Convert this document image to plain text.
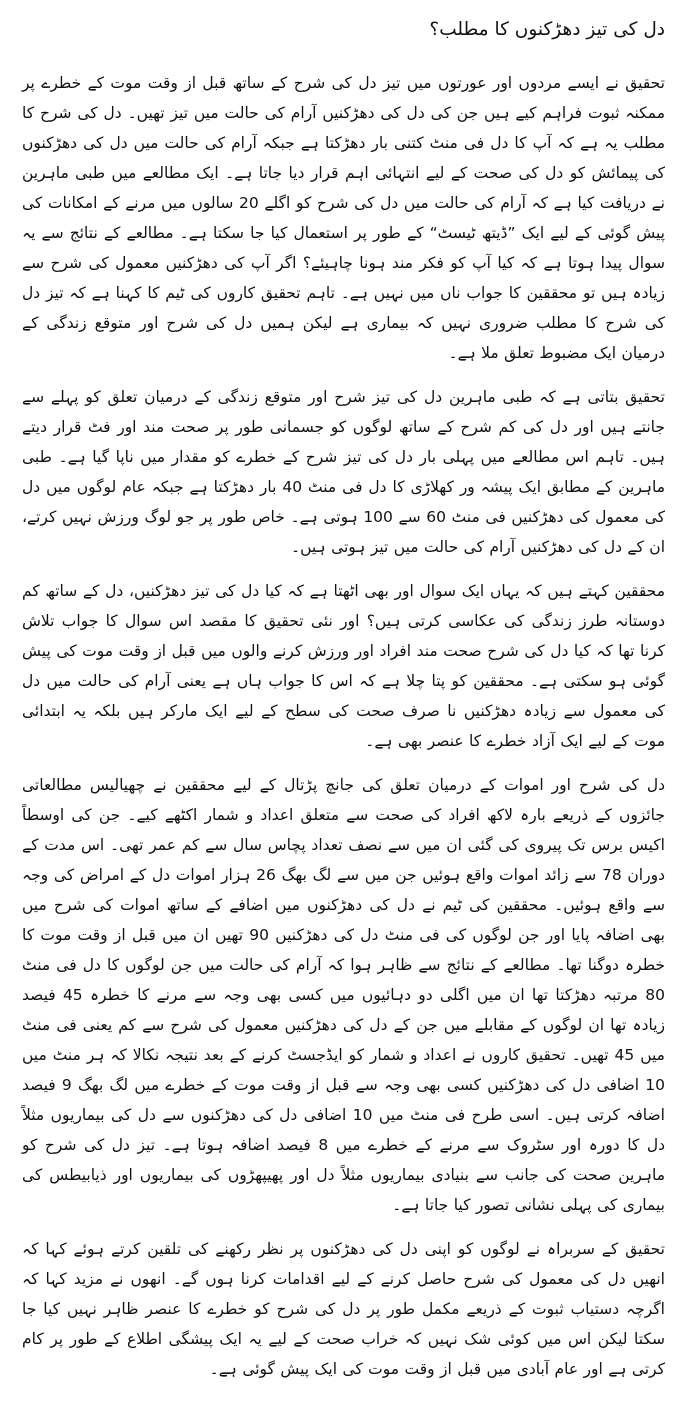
دل کی تیز دھڑکنوں کا مطلب؟

تحقیق نے ایسے مردوں اور عورتوں میں تیز دل کی شرح کے ساتھ قبل از وقت موت کے خطرے پر ممکنہ ثبوت فراہم کیے ہیں جن کی دل کی دھڑکنیں آرام کی حالت میں تیز تھیں۔ دل کی شرح کا مطلب یہ ہے کہ آپ کا دل فی منٹ کتنی بار دھڑکتا ہے جبکہ آرام کی حالت میں دل کی دھڑکنوں کی پیمائش کو دل کی صحت کے لیے انتہائی اہم قرار دیا جاتا ہے۔ ایک مطالعے میں طبی ماہرین نے دریافت کیا ہے کہ آرام کی حالت میں دل کی شرح کو اگلے 20 سالوں میں مرنے کے امکانات کی پیش گوئی کے لیے ایک ”ڈیتھ ٹیسٹ“ کے طور پر استعمال کیا جا سکتا ہے۔ مطالعے کے نتائج سے یہ سوال پیدا ہوتا ہے کہ کیا آپ کو فکر مند ہونا چاہیئے؟ اگر آپ کی دھڑکنیں معمول کی شرح سے زیادہ ہیں تو محققین کا جواب ناں میں نہیں ہے۔ تاہم تحقیق کاروں کی ٹیم کا کہنا ہے کہ تیز دل کی شرح کا مطلب ضروری نہیں کہ بیماری ہے لیکن ہمیں دل کی شرح اور متوقع زندگی کے درمیان ایک مضبوط تعلق ملا ہے۔

تحقیق بتاتی ہے کہ طبی ماہرین دل کی تیز شرح اور متوقع زندگی کے درمیان تعلق کو پہلے سے جانتے ہیں اور دل کی کم شرح کے ساتھ لوگوں کو جسمانی طور پر صحت مند اور فٹ قرار دیتے ہیں۔ تاہم اس مطالعے میں پہلی بار دل کی تیز شرح کے خطرے کو مقدار میں ناپا گیا ہے۔ طبی ماہرین کے مطابق ایک پیشہ ور کھلاڑی کا دل فی منٹ 40 بار دھڑکتا ہے جبکہ عام لوگوں میں دل کی معمول کی دھڑکنیں فی منٹ 60 سے 100 ہوتی ہے۔ خاص طور پر جو لوگ ورزش نہیں کرتے، ان کے دل کی دھڑکنیں آرام کی حالت میں تیز ہوتی ہیں۔

محققین کہتے ہیں کہ یہاں ایک سوال اور بھی اٹھتا ہے کہ کیا دل کی تیز دھڑکنیں، دل کے ساتھ کم دوستانہ طرز زندگی کی عکاسی کرتی ہیں؟ اور نئی تحقیق کا مقصد اس سوال کا جواب تلاش کرنا تھا کہ کیا دل کی شرح صحت مند افراد اور ورزش کرنے والوں میں قبل از وقت موت کی پیش گوئی ہو سکتی ہے۔ محققین کو پتا چلا ہے کہ اس کا جواب ہاں ہے یعنی آرام کی حالت میں دل کی معمول سے زیادہ دھڑکنیں نا صرف صحت کی سطح کے لیے ایک مارکر ہیں بلکہ یہ ابتدائی موت کے لیے ایک آزاد خطرے کا عنصر بھی ہے۔

دل کی شرح اور اموات کے درمیان تعلق کی جانچ پڑتال کے لیے محققین نے چھیالیس مطالعاتی جائزوں کے ذریعے بارہ لاکھ افراد کی صحت سے متعلق اعداد و شمار اکٹھے کیے۔ جن کی اوسطاً اکیس برس تک پیروی کی گئی ان میں سے نصف تعداد پچاس سال سے کم عمر تھی۔ اس مدت کے دوران 78 سے زائد اموات واقع ہوئیں جن میں سے لگ بھگ 26 ہزار اموات دل کے امراض کی وجہ سے واقع ہوئیں۔ محققین کی ٹیم نے دل کی دھڑکنوں میں اضافے کے ساتھ اموات کی شرح میں بھی اضافہ پایا اور جن لوگوں کی فی منٹ دل کی دھڑکنیں 90 تھیں ان میں قبل از وقت موت کا خطرہ دوگنا تھا۔ مطالعے کے نتائج سے ظاہر ہوا کہ آرام کی حالت میں جن لوگوں کا دل فی منٹ 80 مرتبہ دھڑکتا تھا ان میں اگلی دو دہائیوں میں کسی بھی وجہ سے مرنے کا خطرہ 45 فیصد زیادہ تھا ان لوگوں کے مقابلے میں جن کے دل کی دھڑکنیں معمول کی شرح سے کم یعنی فی منٹ میں 45 تھیں۔ تحقیق کاروں نے اعداد و شمار کو ایڈجسٹ کرنے کے بعد نتیجہ نکالا کہ ہر منٹ میں 10 اضافی دل کی دھڑکنیں کسی بھی وجہ سے قبل از وقت موت کے خطرے میں لگ بھگ 9 فیصد اضافہ کرتی ہیں۔ اسی طرح فی منٹ میں 10 اضافی دل کی دھڑکنوں سے دل کی بیماریوں مثلاً دل کا دورہ اور سٹروک سے مرنے کے خطرے میں 8 فیصد اضافہ ہوتا ہے۔ تیز دل کی شرح کو ماہرین صحت کی جانب سے بنیادی بیماریوں مثلاً دل اور پھیپھڑوں کی بیماریوں اور ذیابیطس کی بیماری کی پہلی نشانی تصور کیا جاتا ہے۔

تحقیق کے سربراہ نے لوگوں کو اپنی دل کی دھڑکنوں پر نظر رکھنے کی تلقین کرتے ہوئے کہا کہ انھیں دل کی معمول کی شرح حاصل کرنے کے لیے اقدامات کرنا ہوں گے۔ انھوں نے مزید کہا کہ اگرچہ دستیاب ثبوت کے ذریعے مکمل طور پر دل کی شرح کو خطرے کا عنصر ظاہر نہیں کیا جا سکتا لیکن اس میں کوئی شک نہیں کہ خراب صحت کے لیے یہ ایک پیشگی اطلاع کے طور پر کام کرتی ہے اور عام آبادی میں قبل از وقت موت کی ایک پیش گوئی ہے۔
